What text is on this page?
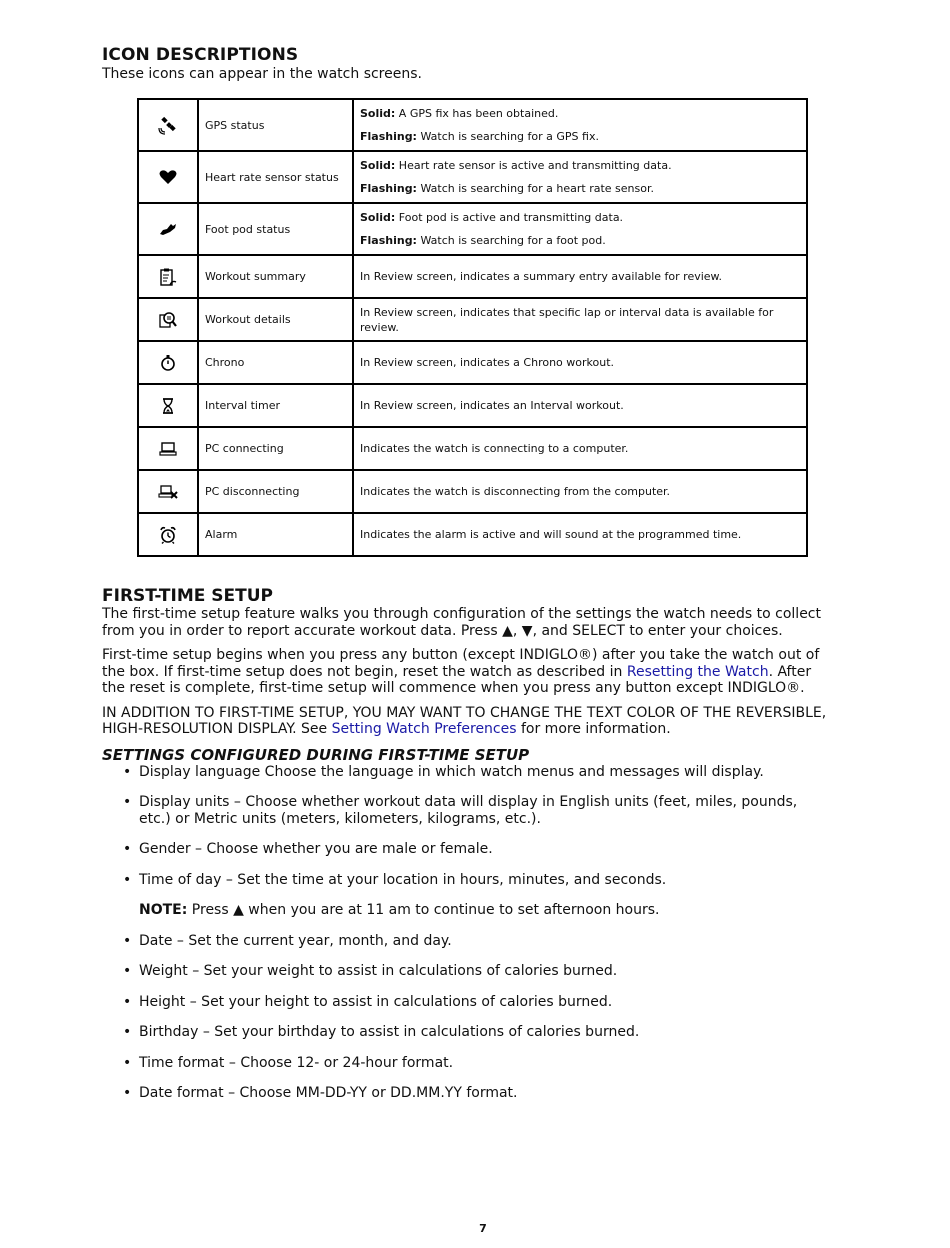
ICON DESCRIPTIONS

These icons can appear in the watch screens.

	GPS status	Solid: A GPS fix has been obtained.
Flashing: Watch is searching for a GPS fix.

	Heart rate sensor status	Solid: Heart rate sensor is active and transmitting data.
Flashing: Watch is searching for a heart rate sensor.

	Foot pod status	Solid: Foot pod is active and transmitting data.
Flashing: Watch is searching for a foot pod.

	Workout summary	In Review screen, indicates a summary entry available for review.
	Workout details	In Review screen, indicates that specific lap or interval data is available for review.
	Chrono	In Review screen, indicates a Chrono workout.
	Interval timer	In Review screen, indicates an Interval workout.
	PC connecting	Indicates the watch is connecting to a computer.
	PC disconnecting	Indicates the watch is disconnecting from the computer.
	Alarm	Indicates the alarm is active and will sound at the programmed time.
FIRST-TIME SETUP

The first-time setup feature walks you through configuration of the settings the watch needs to collect from you in order to report accurate workout data. Press ▲, ▼, and SELECT to enter your choices.

First-time setup begins when you press any button (except INDIGLO®) after you take the watch out of the box. If first-time setup does not begin, reset the watch as described in Resetting the Watch. After the reset is complete, first-time setup will commence when you press any button except INDIGLO®.

IN ADDITION TO FIRST-TIME SETUP, YOU MAY WANT TO CHANGE THE TEXT COLOR OF THE REVERSIBLE, HIGH-RESOLUTION DISPLAY. See Setting Watch Preferences for more information.

SETTINGS CONFIGURED DURING FIRST-TIME SETUP
• Display language Choose the language in which watch menus and messages will display.
• Display units – Choose whether workout data will display in English units (feet, miles, pounds, etc.) or Metric units (meters, kilometers, kilograms, etc.).
• Gender – Choose whether you are male or female.
• Time of day – Set the time at your location in hours, minutes, and seconds.
NOTE: Press ▲ when you are at 11 am to continue to set afternoon hours.
• Date – Set the current year, month, and day.
• Weight – Set your weight to assist in calculations of calories burned.
• Height – Set your height to assist in calculations of calories burned.
• Birthday – Set your birthday to assist in calculations of calories burned.
• Time format – Choose 12- or 24-hour format.
• Date format – Choose MM-DD-YY or DD.MM.YY format.
7
